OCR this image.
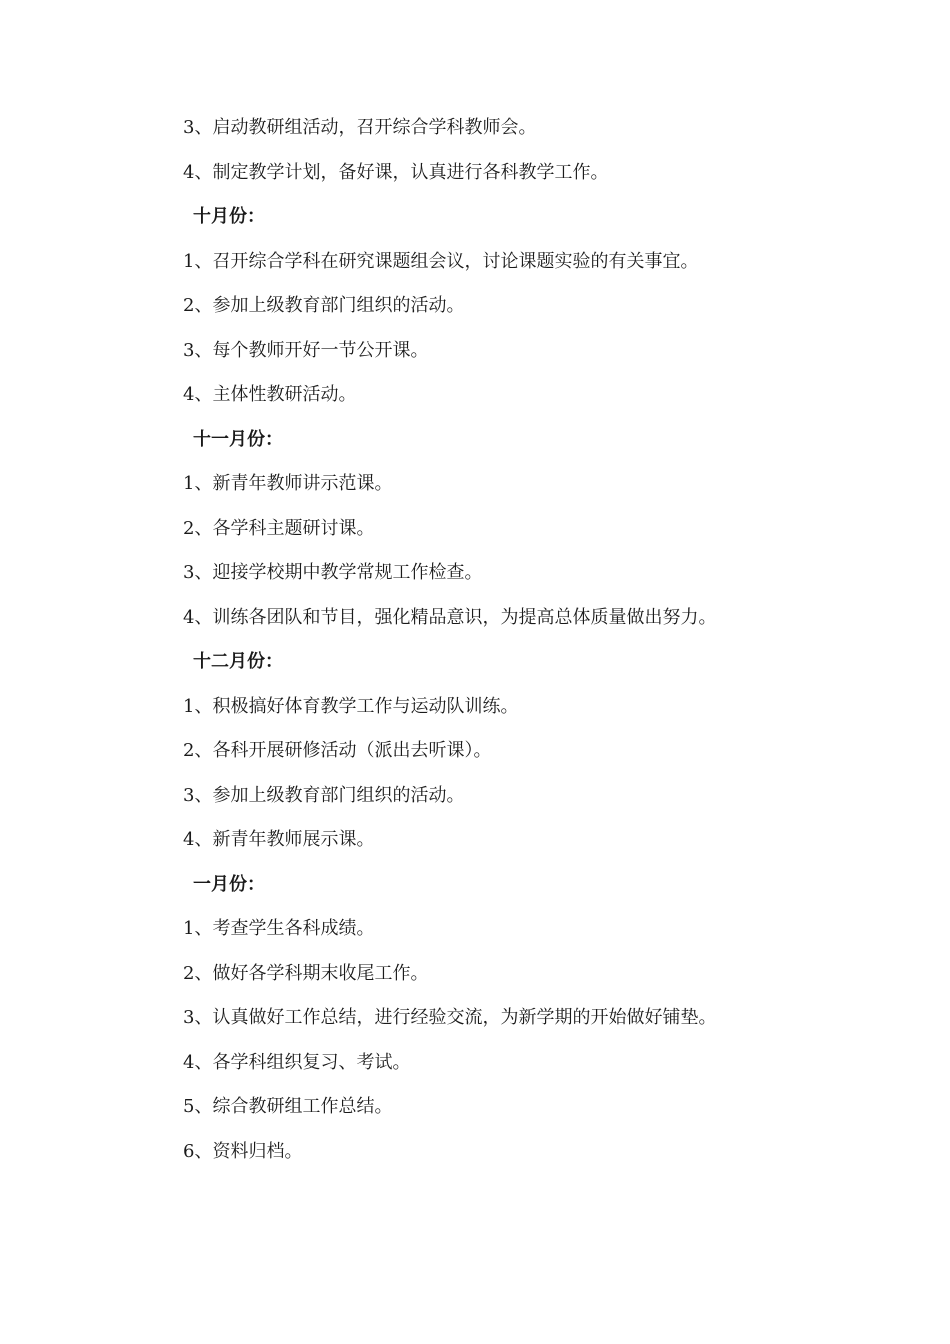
3、启动教研组活动，召开综合学科教师会。
4、制定教学计划，备好课，认真进行各科教学工作。
十月份：
1、召开综合学科在研究课题组会议，讨论课题实验的有关事宜。
2、参加上级教育部门组织的活动。
3、每个教师开好一节公开课。
4、主体性教研活动。
十一月份：
1、新青年教师讲示范课。
2、各学科主题研讨课。
3、迎接学校期中教学常规工作检查。
4、训练各团队和节目，强化精品意识，为提高总体质量做出努力。
十二月份：
1、积极搞好体育教学工作与运动队训练。
2、各科开展研修活动（派出去听课）。
3、参加上级教育部门组织的活动。
4、新青年教师展示课。
一月份：
1、考查学生各科成绩。
2、做好各学科期末收尾工作。
3、认真做好工作总结，进行经验交流，为新学期的开始做好铺垫。
4、各学科组织复习、考试。
5、综合教研组工作总结。
6、资料归档。
